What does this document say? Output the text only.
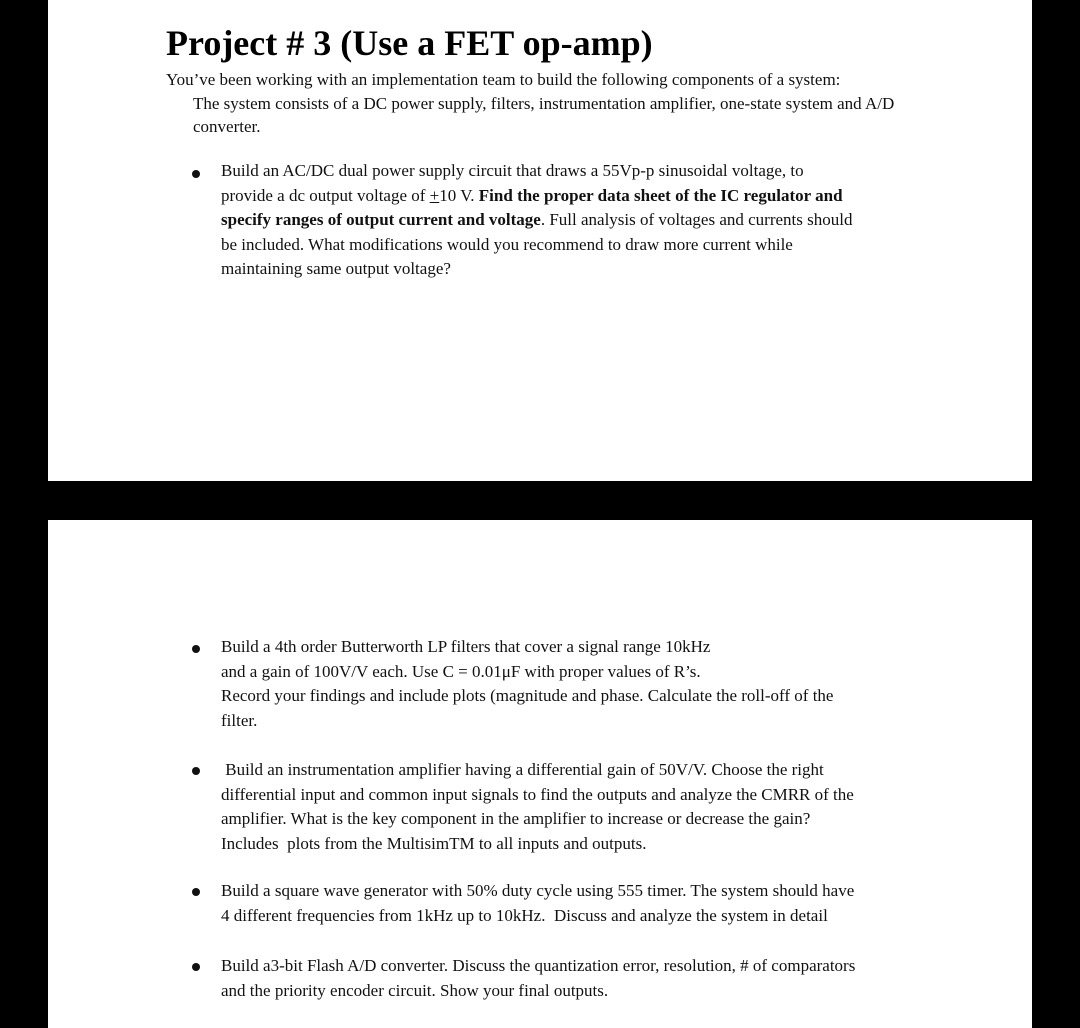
Project # 3 (Use a FET op-amp)
You’ve been working with an implementation team to build the following components of a system:
The system consists of a DC power supply, filters, instrumentation amplifier, one-state system and A/D converter.
Build an AC/DC dual power supply circuit that draws a 55Vp-p sinusoidal voltage, to
provide a dc output voltage of +10 V. Find the proper data sheet of the IC regulator and
specify ranges of output current and voltage. Full analysis of voltages and currents should
be included. What modifications would you recommend to draw more current while
maintaining same output voltage?
Build a 4th order Butterworth LP filters that cover a signal range 10kHz
and a gain of 100V/V each. Use C = 0.01μF with proper values of R’s.
Record your findings and include plots (magnitude and phase. Calculate the roll-off of the
filter.
Build an instrumentation amplifier having a differential gain of 50V/V. Choose the right
differential input and common input signals to find the outputs and analyze the CMRR of the
amplifier. What is the key component in the amplifier to increase or decrease the gain?
Includes  plots from the MultisimTM to all inputs and outputs.
Build a square wave generator with 50% duty cycle using 555 timer. The system should have
4 different frequencies from 1kHz up to 10kHz.  Discuss and analyze the system in detail
Build a3-bit Flash A/D converter. Discuss the quantization error, resolution, # of comparators
and the priority encoder circuit. Show your final outputs.
